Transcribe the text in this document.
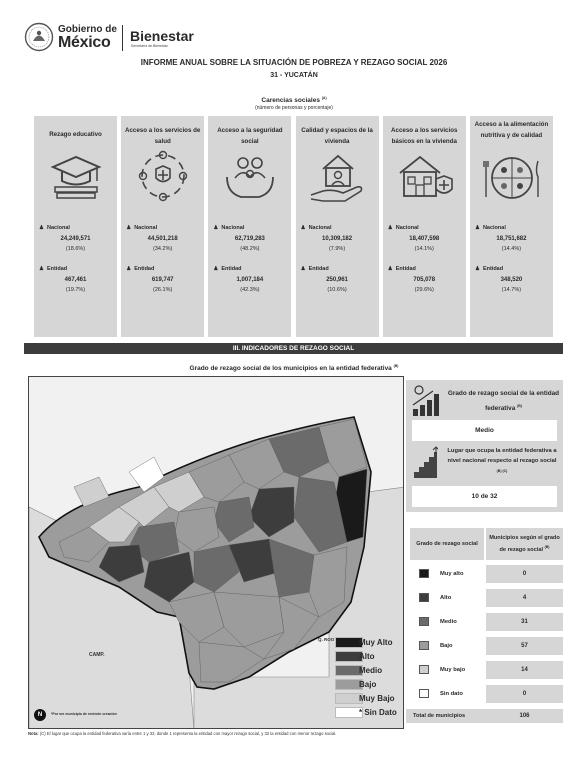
Gobierno de
México Bienestar
Secretaría de Bienestar
INFORME ANUAL SOBRE LA SITUACIÓN DE POBREZA Y REZAGO SOCIAL 2026
31 - YUCATÁN
Carencias sociales $^{(A)}$
(número de personas y porcentaje)
Rezago educativo
♟ Nacional
24,249,571
(18.6%)
♟ Entidad
467,461
(19.7%)
Acceso a los servicios de salud
♟ Nacional
44,501,218
(34.2%)
♟ Entidad
619,747
(26.1%)
Acceso a la seguridad social
♟ Nacional
62,719,283
(48.2%)
♟ Entidad
1,007,184
(42.3%)
Calidad y espacios de la vivienda
♟ Nacional
10,309,182
(7.9%)
♟ Entidad
250,961
(10.6%)
Acceso a los servicios básicos en la vivienda
♟ Nacional
18,407,598
(14.1%)
♟ Entidad
705,078
(29.6%)
Acceso a la alimentación nutritiva y de calidad
♟ Nacional
18,751,682
(14.4%)
♟ Entidad
348,520
(14.7%)
III. INDICADORES DE REZAGO SOCIAL
Grado de rezago social de los municipios en la entidad federativa $^{(B)}$
CAMP.
Q. ROO	Muy Alto
Alto
Medio
Bajo
Muy Bajo
* Sin Dato
N	*Por ser municipio de reciente creación
Grado de rezago social de la entidad federativa $^{(B)}$
Medio
Lugar que ocupa la entidad federativa a nivel nacional respecto al rezago social $^{(B) (C)}$
10 de 32
Grado de rezago social
Municipios según el grado de rezago social $^{(B)}$
Muy alto	0
Alto	4
Medio	31
Bajo	57
Muy bajo	14
Sin dato	0
Total de municipios	106
Nota: (C) El lugar que ocupa la entidad federativa varía entre 1 y 32, donde 1 representa la entidad con mayor rezago social, y 32 la entidad con menor rezago social.
